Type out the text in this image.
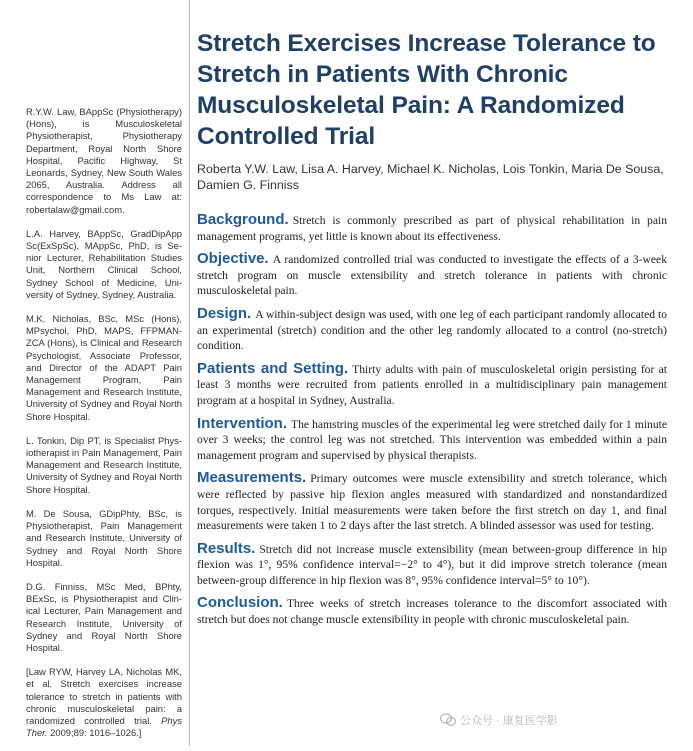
R.Y.W. Law, BAppSc (Physiotherapy) (Hons), is Musculoskeletal Physiotherapist, Physiotherapy Department, Royal North Shore Hospital, Pacific Highway, St Leonards, Sydney, New South Wales 2065, Australia. Address all correspondence to Ms Law at: robertalaw@gmail.com.

L.A. Harvey, BAppSc, GradDipApp Sc(ExSpSc), MAppSc, PhD, is Senior Lecturer, Rehabilitation Studies Unit, Northern Clinical School, Sydney School of Medicine, University of Sydney, Sydney, Australia.

M.K. Nicholas, BSc, MSc (Hons), MPsychol, PhD, MAPS, FFPMANZCA (Hons), is Clinical and Research Psychologist, Associate Professor, and Director of the ADAPT Pain Management Program, Pain Management and Research Institute, University of Sydney and Royal North Shore Hospital.

L. Tonkin, Dip PT, is Specialist Physiotherapist in Pain Management, Pain Management and Research Institute, University of Sydney and Royal North Shore Hospital.

M. De Sousa, GDipPhty, BSc, is Physiotherapist, Pain Management and Research Institute, University of Sydney and Royal North Shore Hospital.

D.G. Finniss, MSc Med, BPhty, BExSc, is Physiotherapist and Clinical Lecturer, Pain Management and Research Institute, University of Sydney and Royal North Shore Hospital.

[Law RYW, Harvey LA, Nicholas MK, et al. Stretch exercises increase tolerance to stretch in patients with chronic musculoskeletal pain: a randomized controlled trial. Phys Ther. 2009;89: 1016–1026.]

Stretch Exercises Increase Tolerance to Stretch in Patients With Chronic Musculoskeletal Pain: A Randomized Controlled Trial

Roberta Y.W. Law, Lisa A. Harvey, Michael K. Nicholas, Lois Tonkin, Maria De Sousa, Damien G. Finniss

Background. Stretch is commonly prescribed as part of physical rehabilitation in pain management programs, yet little is known about its effectiveness.

Objective. A randomized controlled trial was conducted to investigate the effects of a 3-week stretch program on muscle extensibility and stretch tolerance in patients with chronic musculoskeletal pain.

Design. A within-subject design was used, with one leg of each participant randomly allocated to an experimental (stretch) condition and the other leg randomly allocated to a control (no-stretch) condition.

Patients and Setting. Thirty adults with pain of musculoskeletal origin persisting for at least 3 months were recruited from patients enrolled in a multidisciplinary pain management program at a hospital in Sydney, Australia.

Intervention. The hamstring muscles of the experimental leg were stretched daily for 1 minute over 3 weeks; the control leg was not stretched. This intervention was embedded within a pain management program and supervised by physical therapists.

Measurements. Primary outcomes were muscle extensibility and stretch tolerance, which were reflected by passive hip flexion angles measured with standardized and nonstandardized torques, respectively. Initial measurements were taken before the first stretch on day 1, and final measurements were taken 1 to 2 days after the last stretch. A blinded assessor was used for testing.

Results. Stretch did not increase muscle extensibility (mean between-group difference in hip flexion was 1°, 95% confidence interval=−2° to 4°), but it did improve stretch tolerance (mean between-group difference in hip flexion was 8°, 95% confidence interval=5° to 10°).

Conclusion. Three weeks of stretch increases tolerance to the discomfort associated with stretch but does not change muscle extensibility in people with chronic musculoskeletal pain.

公众号 · 康复医学影
